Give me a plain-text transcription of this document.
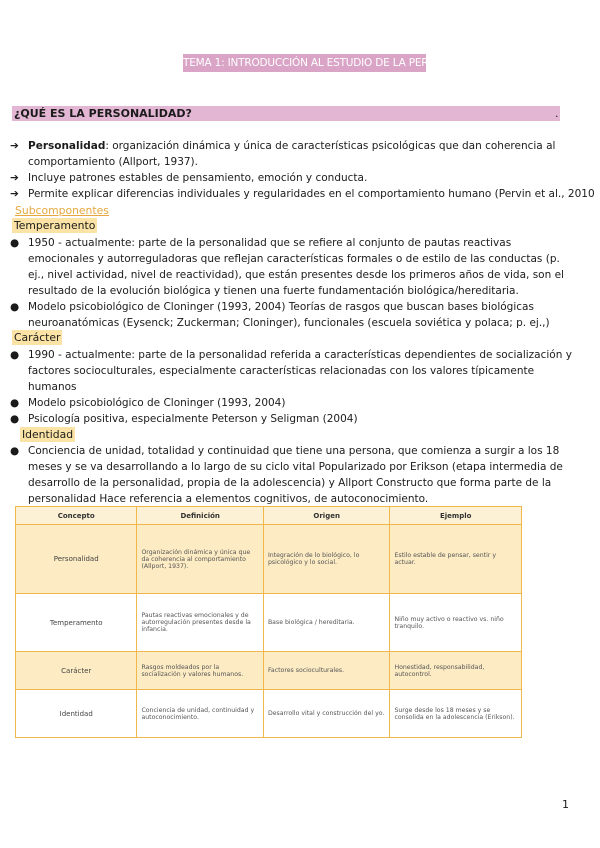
TEMA 1: INTRODUCCIÓN AL ESTUDIO DE LA PERSONALIDAD
¿QUÉ ES LA PERSONALIDAD?	.
➔ Personalidad: organización dinámica y única de características psicológicas que dan coherencia al comportamiento (Allport, 1937).
➔ Incluye patrones estables de pensamiento, emoción y conducta.
➔ Permite explicar diferencias individuales y regularidades en el comportamiento humano (Pervin et al., 2010
Subcomponentes
Temperamento
● 1950 - actualmente: parte de la personalidad que se refiere al conjunto de pautas reactivas emocionales y autorreguladoras que reflejan características formales o de estilo de las conductas (p. ej., nivel actividad, nivel de reactividad), que están presentes desde los primeros años de vida, son el resultado de la evolución biológica y tienen una fuerte fundamentación biológica/hereditaria.
● Modelo psicobiológico de Cloninger (1993, 2004) Teorías de rasgos que buscan bases biológicas neuroanatómicas (Eysenck; Zuckerman; Cloninger), funcionales (escuela soviética y polaca; p. ej.,)
Carácter
● 1990 - actualmente: parte de la personalidad referida a características dependientes de socialización y factores socioculturales, especialmente características relacionadas con los valores típicamente humanos
● Modelo psicobiológico de Cloninger (1993, 2004)
● Psicología positiva, especialmente Peterson y Seligman (2004)
Identidad
● Conciencia de unidad, totalidad y continuidad que tiene una persona, que comienza a surgir a los 18 meses y se va desarrollando a lo largo de su ciclo vital Popularizado por Erikson (etapa intermedia de desarrollo de la personalidad, propia de la adolescencia) y Allport Constructo que forma parte de la personalidad Hace referencia a elementos cognitivos, de autoconocimiento.
Concepto	Definición	Origen	Ejemplo
Personalidad	Organización dinámica y única que da coherencia al comportamiento (Allport, 1937).	Integración de lo biológico, lo psicológico y lo social.	Estilo estable de pensar, sentir y actuar.
Temperamento	Pautas reactivas emocionales y de autorregulación presentes desde la infancia.	Base biológica / hereditaria.	Niño muy activo o reactivo vs. niño tranquilo.
Carácter	Rasgos moldeados por la socialización y valores humanos.	Factores socioculturales.	Honestidad, responsabilidad, autocontrol.
Identidad	Conciencia de unidad, continuidad y autoconocimiento.	Desarrollo vital y construcción del yo.	Surge desde los 18 meses y se consolida en la adolescencia (Erikson).
1
